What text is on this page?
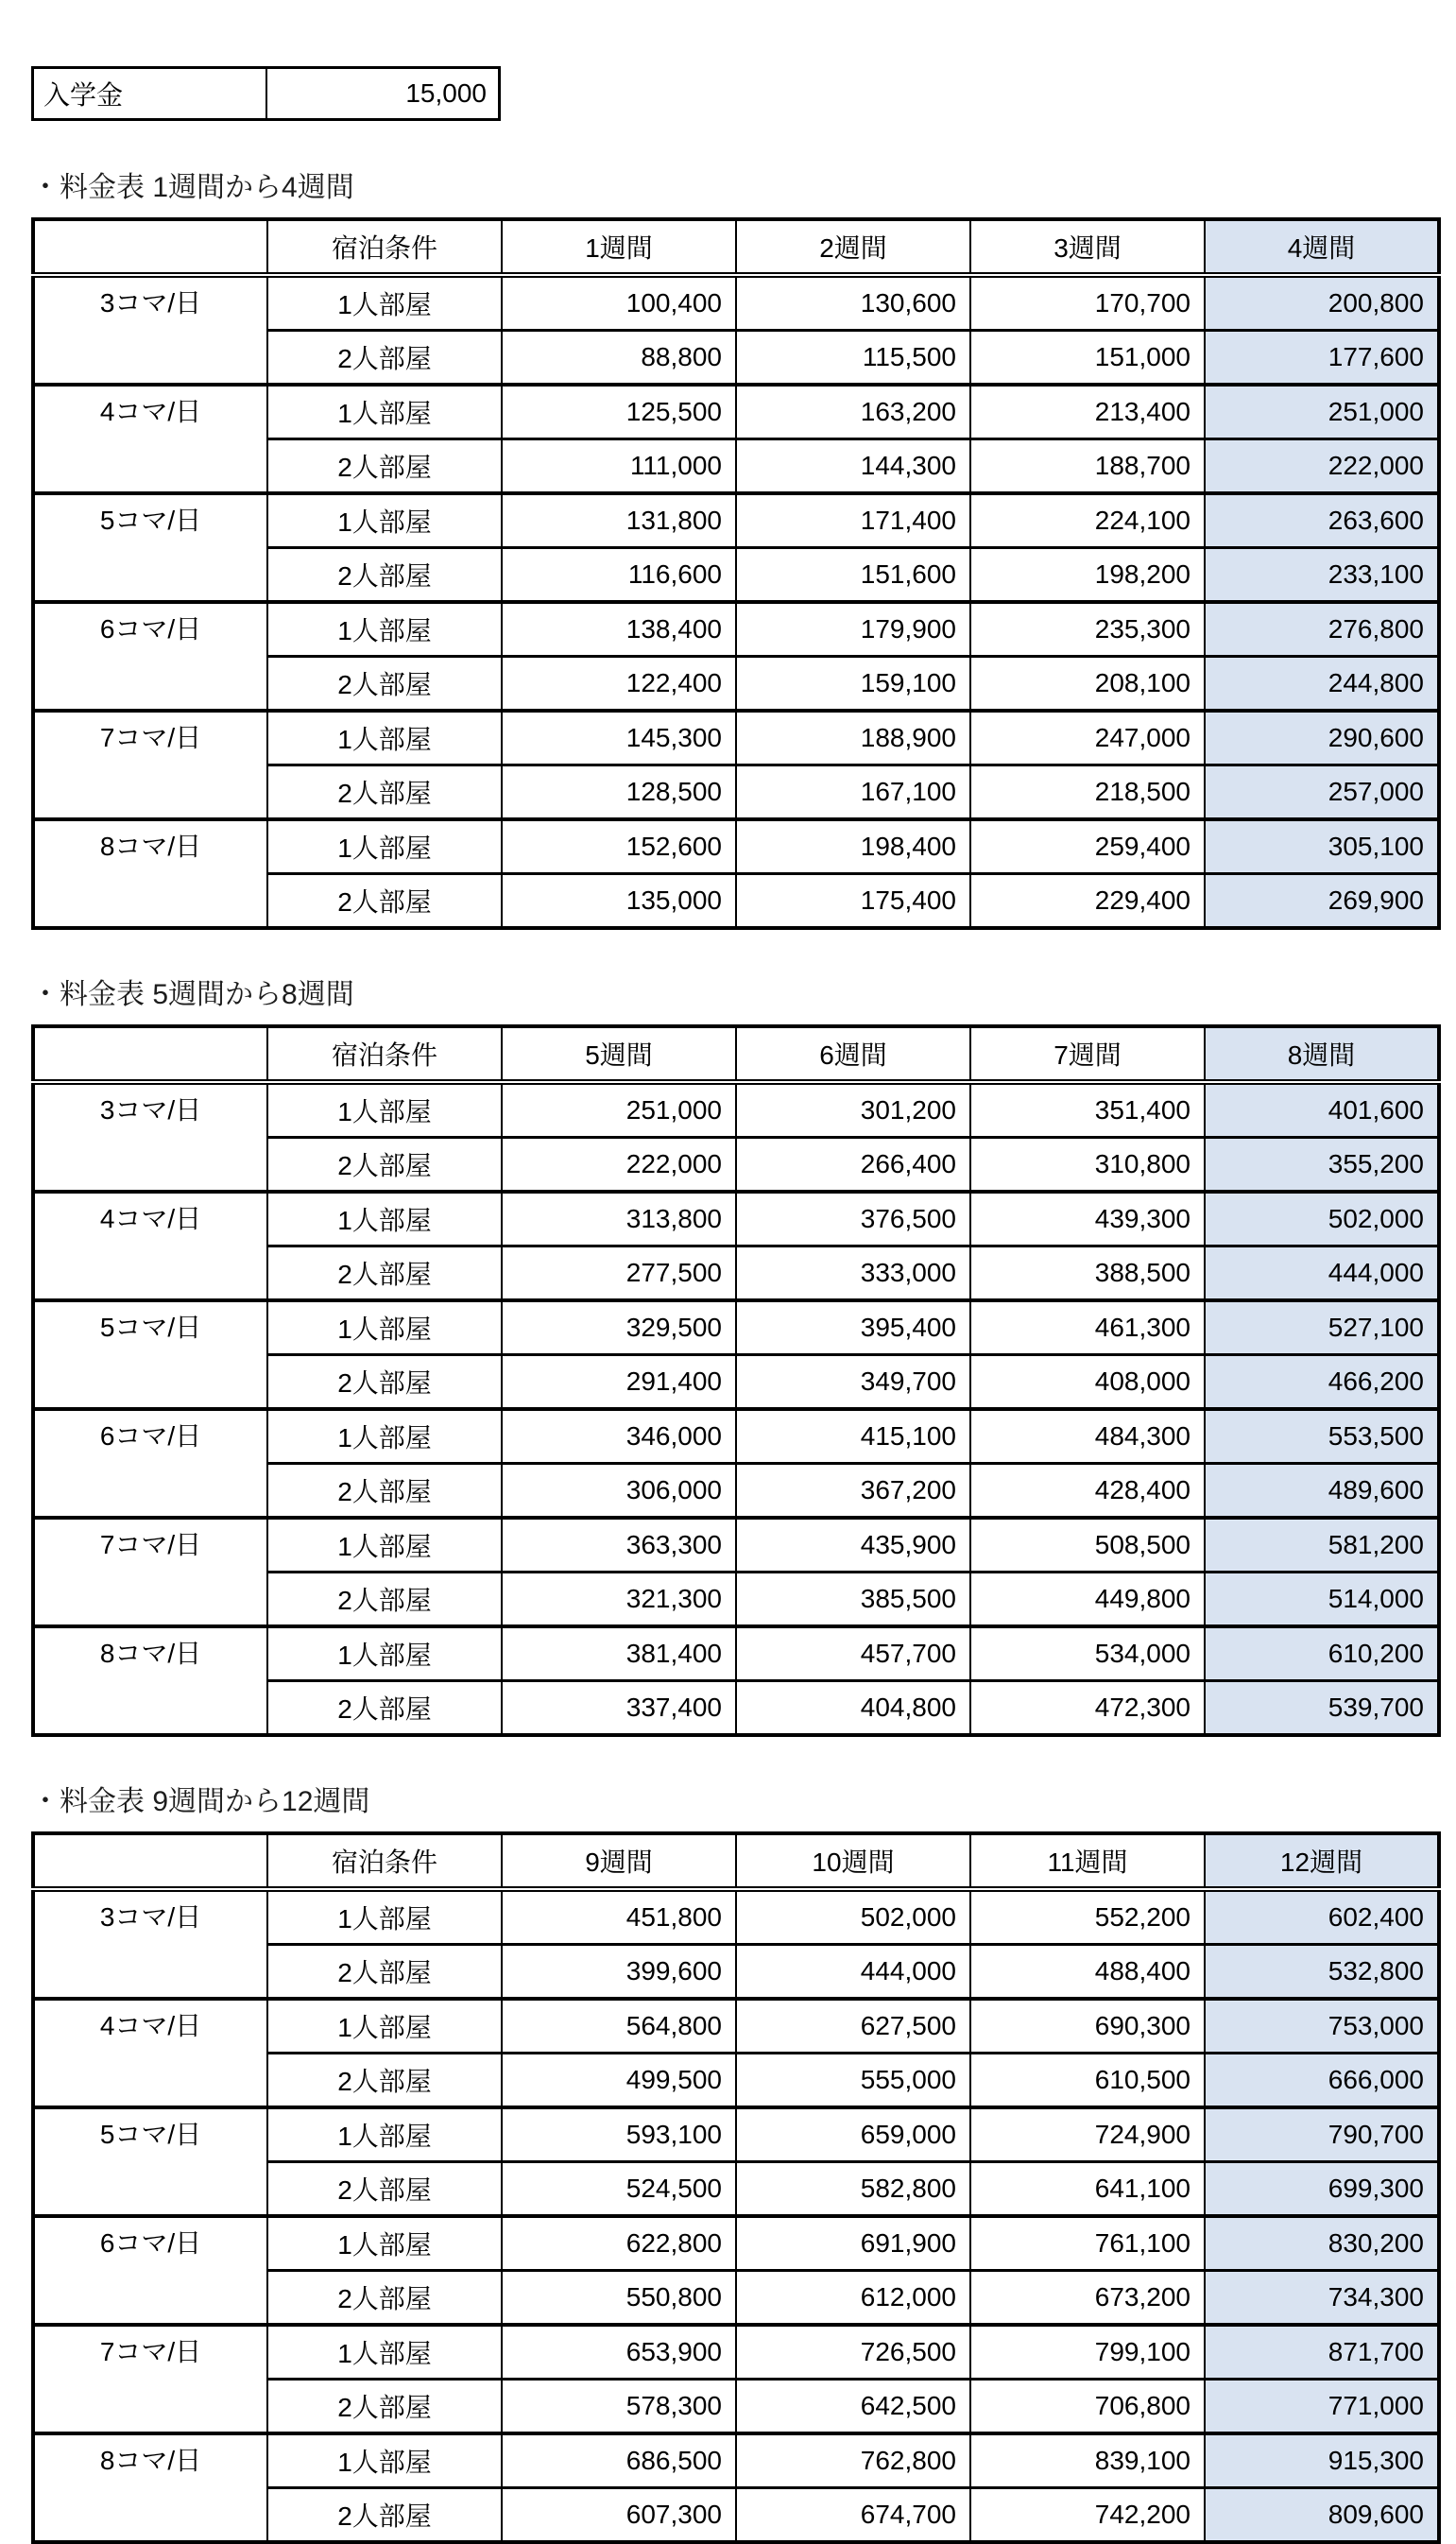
入学金	15,000
・料金表 1週間から4週間
	宿泊条件	1週間	2週間	3週間	4週間
3コマ/日	1人部屋	100,400	130,600	170,700	200,800
	2人部屋	88,800	115,500	151,000	177,600
4コマ/日	1人部屋	125,500	163,200	213,400	251,000
	2人部屋	111,000	144,300	188,700	222,000
5コマ/日	1人部屋	131,800	171,400	224,100	263,600
	2人部屋	116,600	151,600	198,200	233,100
6コマ/日	1人部屋	138,400	179,900	235,300	276,800
	2人部屋	122,400	159,100	208,100	244,800
7コマ/日	1人部屋	145,300	188,900	247,000	290,600
	2人部屋	128,500	167,100	218,500	257,000
8コマ/日	1人部屋	152,600	198,400	259,400	305,100
	2人部屋	135,000	175,400	229,400	269,900
・料金表 5週間から8週間
	宿泊条件	5週間	6週間	7週間	8週間
3コマ/日	1人部屋	251,000	301,200	351,400	401,600
	2人部屋	222,000	266,400	310,800	355,200
4コマ/日	1人部屋	313,800	376,500	439,300	502,000
	2人部屋	277,500	333,000	388,500	444,000
5コマ/日	1人部屋	329,500	395,400	461,300	527,100
	2人部屋	291,400	349,700	408,000	466,200
6コマ/日	1人部屋	346,000	415,100	484,300	553,500
	2人部屋	306,000	367,200	428,400	489,600
7コマ/日	1人部屋	363,300	435,900	508,500	581,200
	2人部屋	321,300	385,500	449,800	514,000
8コマ/日	1人部屋	381,400	457,700	534,000	610,200
	2人部屋	337,400	404,800	472,300	539,700
・料金表 9週間から12週間
	宿泊条件	9週間	10週間	11週間	12週間
3コマ/日	1人部屋	451,800	502,000	552,200	602,400
	2人部屋	399,600	444,000	488,400	532,800
4コマ/日	1人部屋	564,800	627,500	690,300	753,000
	2人部屋	499,500	555,000	610,500	666,000
5コマ/日	1人部屋	593,100	659,000	724,900	790,700
	2人部屋	524,500	582,800	641,100	699,300
6コマ/日	1人部屋	622,800	691,900	761,100	830,200
	2人部屋	550,800	612,000	673,200	734,300
7コマ/日	1人部屋	653,900	726,500	799,100	871,700
	2人部屋	578,300	642,500	706,800	771,000
8コマ/日	1人部屋	686,500	762,800	839,100	915,300
	2人部屋	607,300	674,700	742,200	809,600
